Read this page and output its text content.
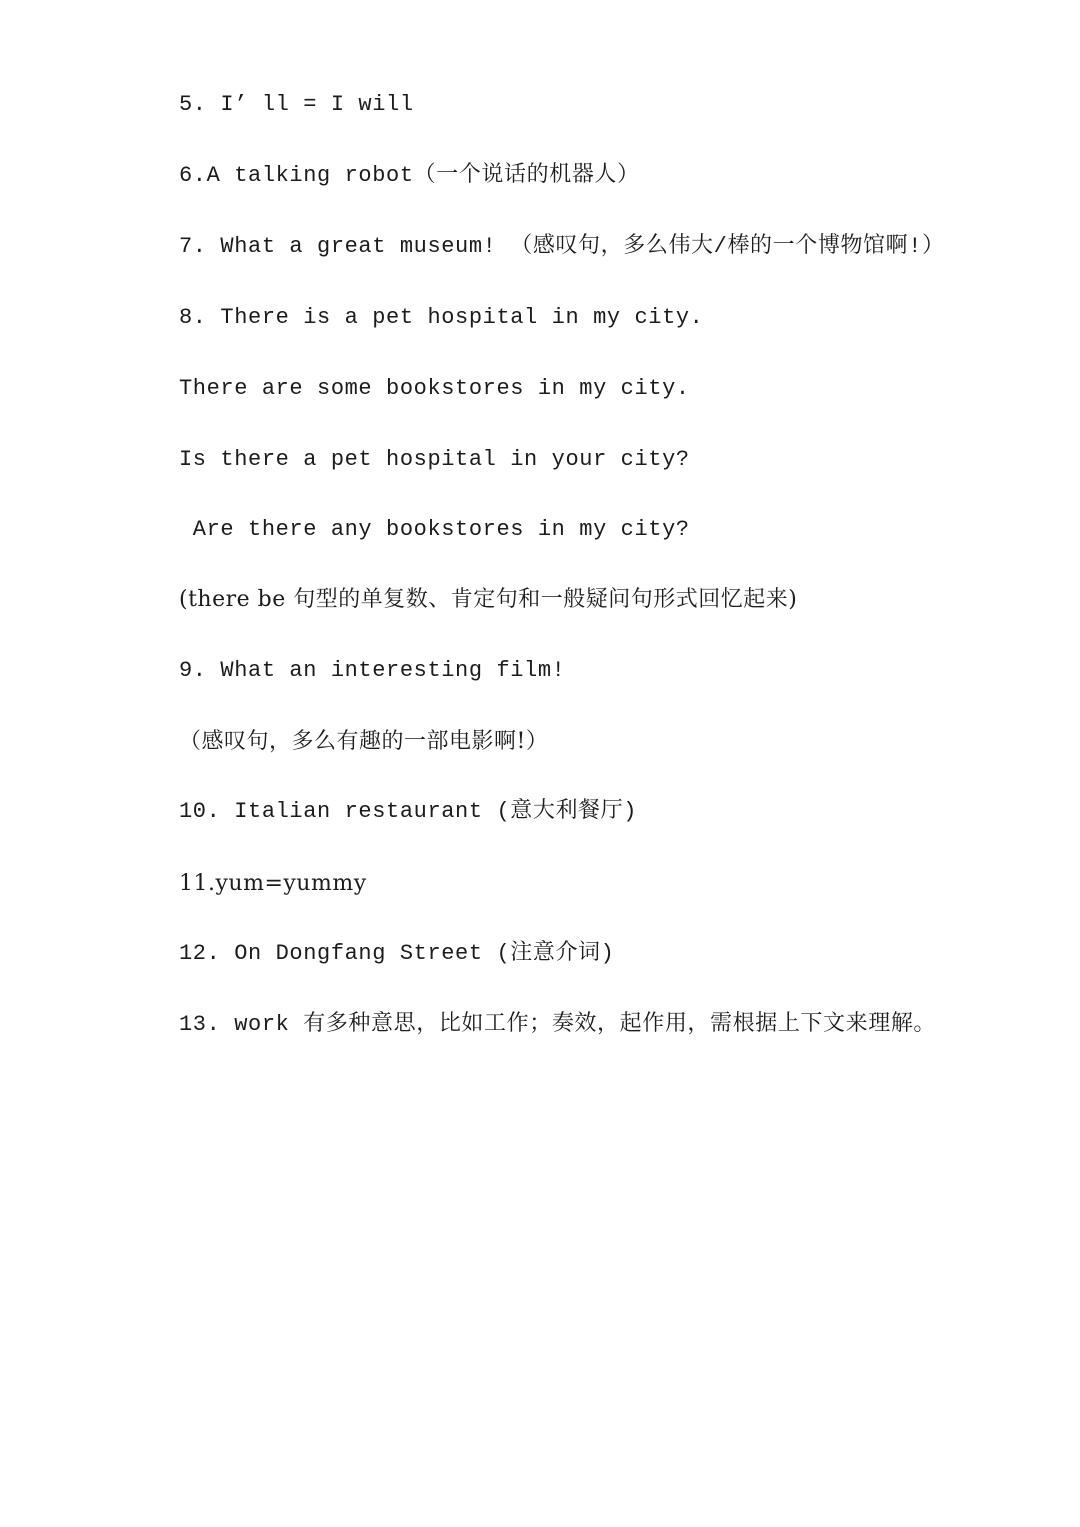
5. I’ ll = I will
6.A talking robot（一个说话的机器人）
7. What a great museum! （感叹句，多么伟大/棒的一个博物馆啊!）
8. There is a pet hospital in my city.
There are some bookstores in my city.
Is there a pet hospital in your city?
Are there any bookstores in my city?
(there be 句型的单复数、肯定句和一般疑问句形式回忆起来)
9. What an interesting film!
（感叹句，多么有趣的一部电影啊!）
10. Italian restaurant (意大利餐厅)
11.yum=yummy
12. On Dongfang Street (注意介词)
13. work 有多种意思，比如工作；奏效，起作用，需根据上下文来理解。
